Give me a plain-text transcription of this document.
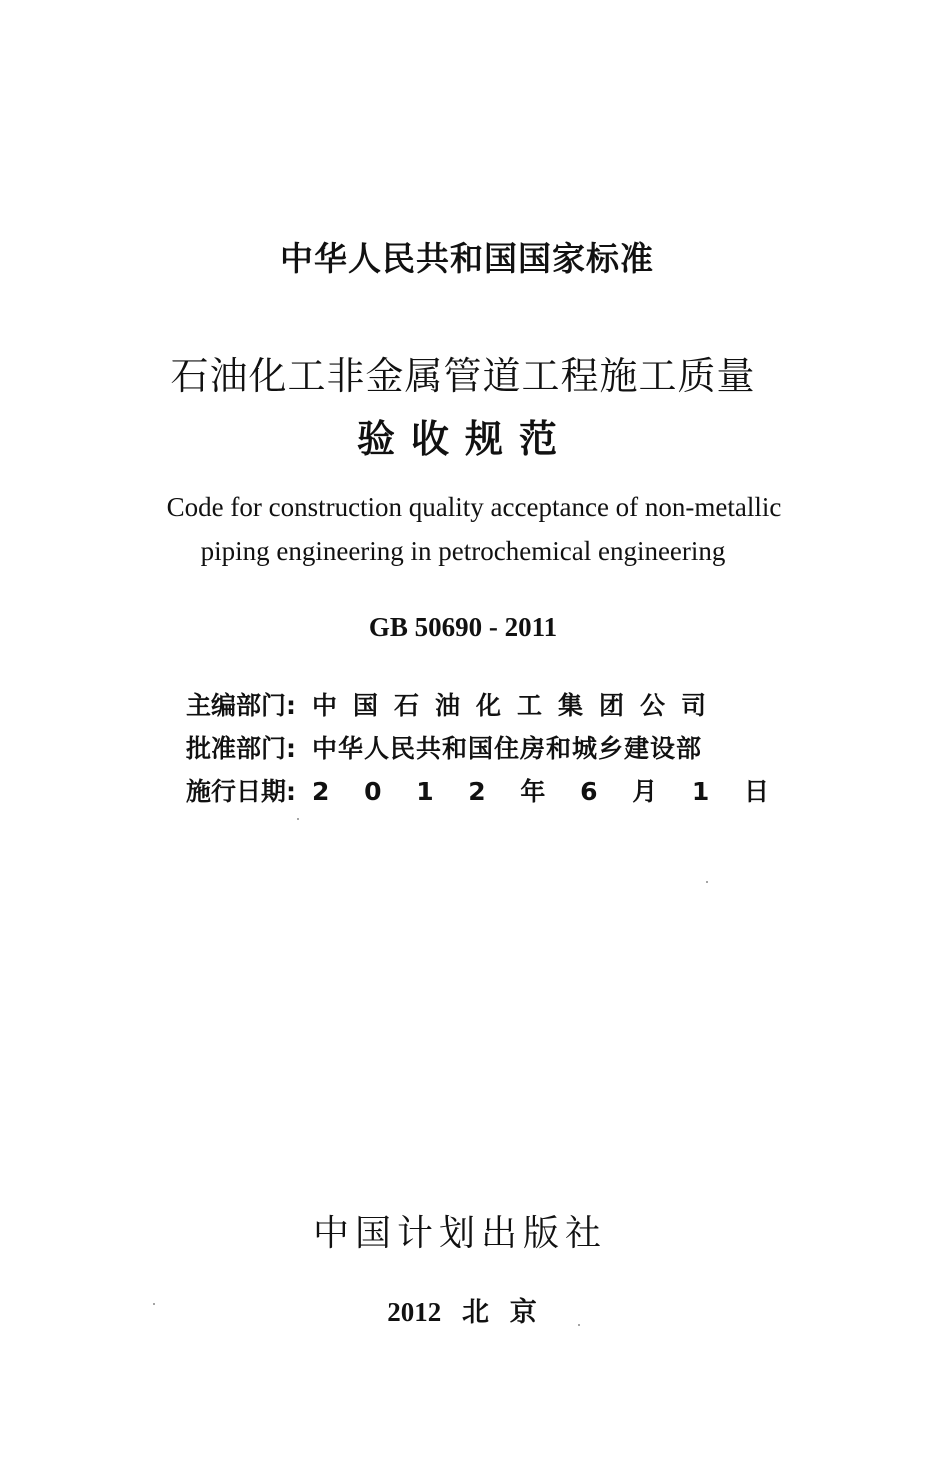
中华人民共和国国家标准
石油化工非金属管道工程施工质量
验收规范
Code for construction quality acceptance of non-metallic
piping engineering in petrochemical engineering
GB 50690 - 2011
主编部门: 中国石油化工集团公司
批准部门: 中华人民共和国住房和城乡建设部
施行日期: 2 0 1 2 年 6 月 1 日
中国计划出版社
2012 北 京
